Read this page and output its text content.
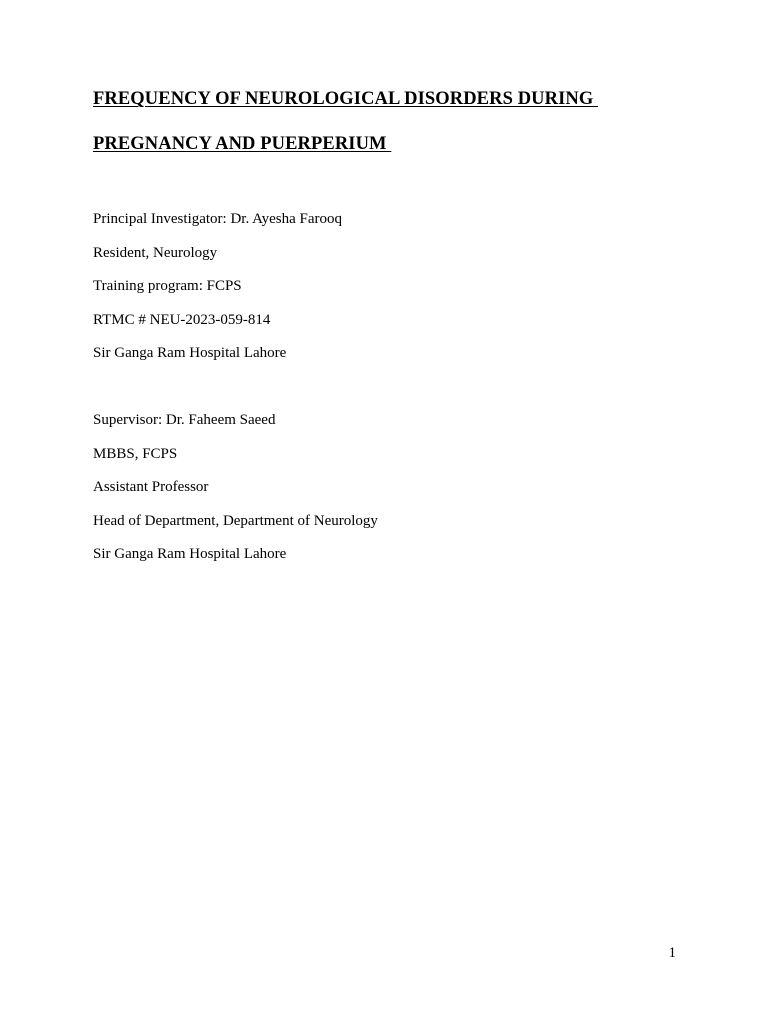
FREQUENCY OF NEUROLOGICAL DISORDERS DURING
PREGNANCY AND PUERPERIUM
Principal Investigator: Dr. Ayesha Farooq
Resident, Neurology
Training program: FCPS
RTMC # NEU-2023-059-814
Sir Ganga Ram Hospital Lahore
Supervisor: Dr. Faheem Saeed
MBBS, FCPS
Assistant Professor
Head of Department, Department of Neurology
Sir Ganga Ram Hospital Lahore
1
